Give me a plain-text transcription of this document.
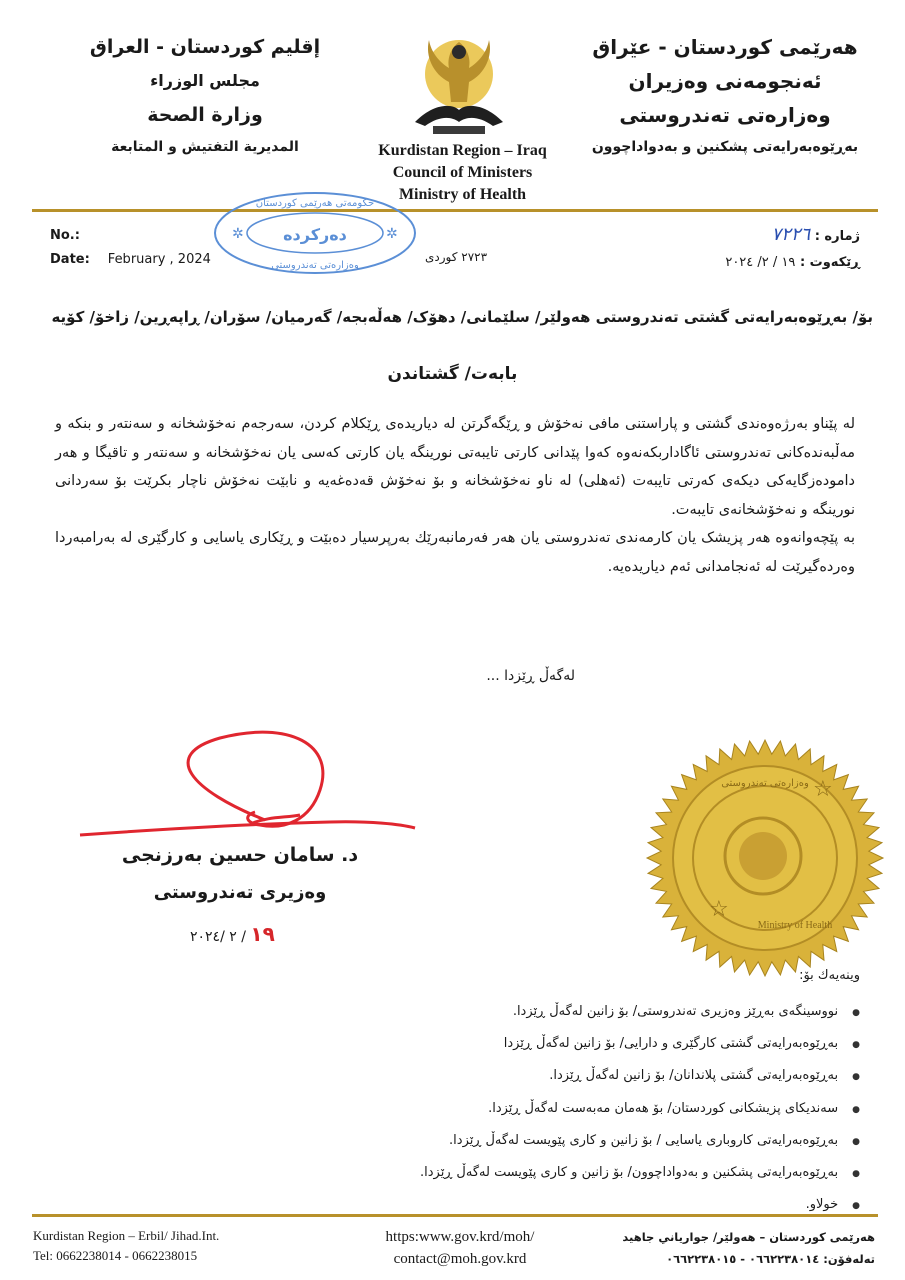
هەرێمی کوردستان - عێراق
ئەنجومەنی وەزیران
وەزارەتی تەندروستی
بەڕێوەبەرایەتی پشکنین و بەدواداچوون
إقليم كوردستان - العراق
مجلس الوزراء
وزارة الصحة
المديرية التفتيش و المتابعة	Kurdistan Region – Iraq
Council of Ministers
Ministry of Health
No.:
Date: February , 2024
حکومەتی هەرێمی کوردستان
دەرکردە
وەزارەتی تەندروستی
✲	✲
٢٧٢٣ کوردی
ژمارە : ٧٢٢٦
ڕێکەوت : ١٩ / ٢/ ٢٠٢٤
بۆ/ بەڕێوەبەرایەتی گشتی تەندروستی هەولێر/ سلێمانی/ دهۆک/ هەڵەبجە/ گەرمیان/ سۆران/ ڕاپەڕین/ زاخۆ/ کۆیە
بابەت/ گشتاندن

لە پێناو بەرژەوەندی گشتی و پاراستنی مافی نەخۆش و ڕێگەگرتن لە دیاریدەی ڕێکلام کردن، سەرجەم نەخۆشخانە و سەنتەر و بنکە و مەڵبەندەکانی تەندروستی ئاگاداربکەنەوە کەوا پێدانی کارتی تایبەتی نورینگە یان کارتی کەسی یان نەخۆشخانە و سەنتەر و تاقیگا و هەر دامودەزگایەکی دیکەی کەرتی تایبەت (ئەهلی) لە ناو نەخۆشخانە و بۆ نەخۆش قەدەغەیە و نابێت نەخۆش ناچار بکرێت بۆ سەردانی نورینگە و نەخۆشخانەی تایبەت.

بە پێچەوانەوە هەر پزیشک یان کارمەندی تەندروستی یان هەر فەرمانبەرێك بەرپرسیار دەبێت و ڕێکاری یاسایی و کارگێری لە بەرامبەردا وەردەگیرێت لە ئەنجامدانی ئەم دیاریدەیە.

لەگەڵ ڕێزدا ...
د. سامان حسین بەرزنجی
وەزیری تەندروستی
١٩ / ٢ /٢٠٢٤
☆
☆
وەزارەتی تەندروستی
Ministry of Health
وینەیەك بۆ:
● نووسینگەی بەڕێز وەزیری تەندروستی/ بۆ زانین لەگەڵ ڕێزدا.
● بەڕێوەبەرایەتی گشتی کارگێری و دارایی/ بۆ زانین لەگەڵ ڕێزدا
● بەڕێوەبەرایەتی گشتی پلاندانان/ بۆ زانین لەگەڵ ڕێزدا.
● سەندیکای پزیشکانی کوردستان/ بۆ هەمان مەبەست لەگەڵ ڕێزدا.
● بەڕێوەبەرایەتی کاروباری یاسایی / بۆ زانین و کاری پێویست لەگەڵ ڕێزدا.
● بەڕێوەبەرایەتی پشکنین و بەدواداچوون/ بۆ زانین و کاری پێویست لەگەڵ ڕێزدا.
● خولاو.
Kurdistan Region – Erbil/ Jihad.Int.
Tel: 0662238014 - 0662238015
https:www.gov.krd/moh/
contact@moh.gov.krd
هەرێمی کوردستان – هەولێر/ جوارياني جاهيد
تەلەفۆن: ٠٦٦٢٢٣٨٠١٤ - ٠٦٦٢٢٣٨٠١٥
